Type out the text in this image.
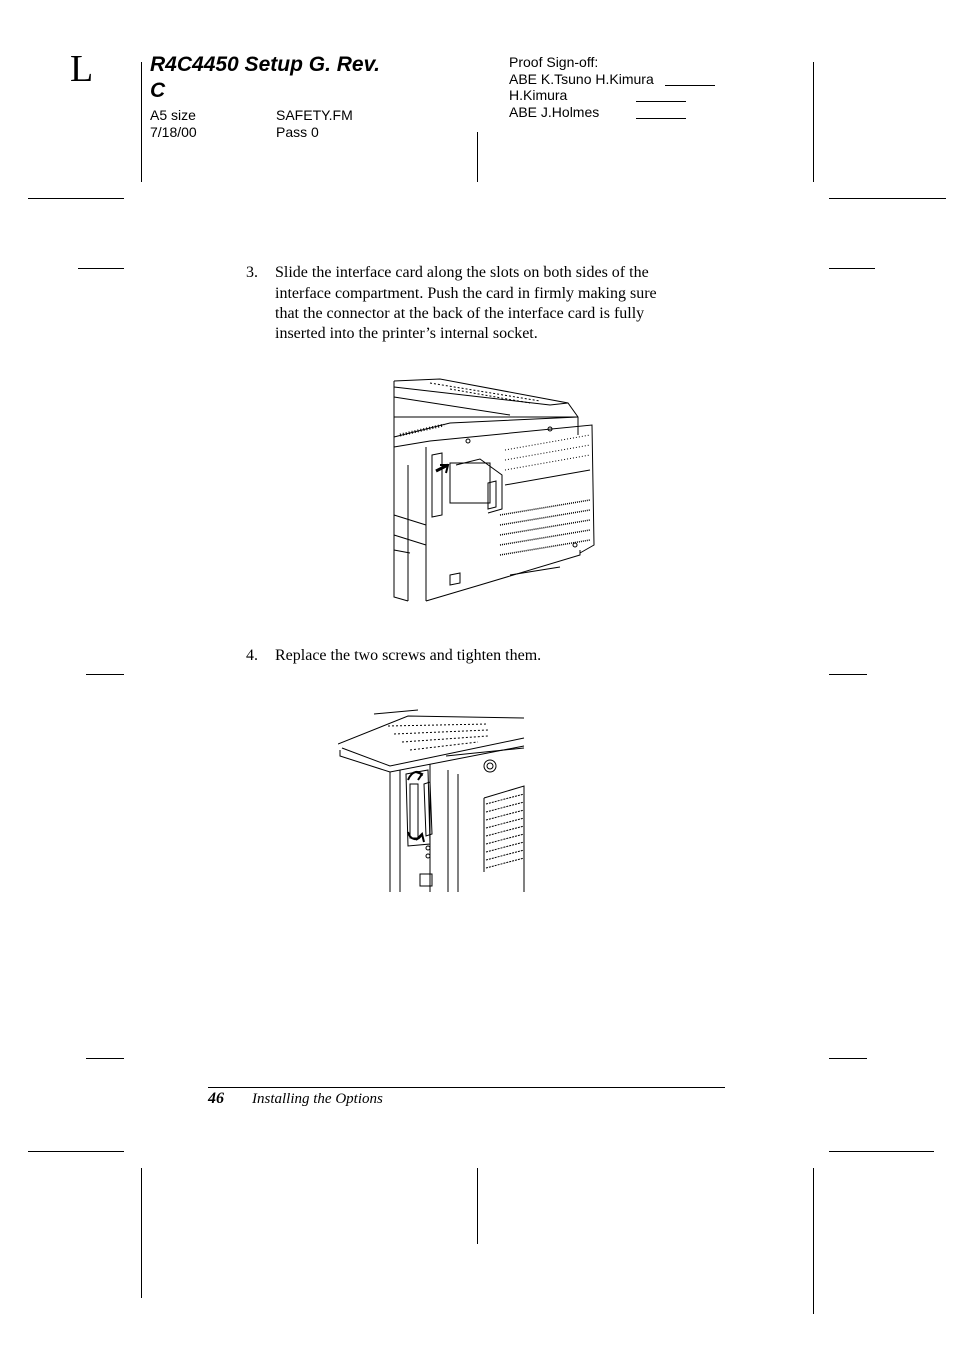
L	R4C4450 Setup G. Rev. C
A5 size
7/18/00
SAFETY.FM
Pass 0
Proof Sign-off:
ABE K.Tsuno H.Kimura
H.Kimura
ABE J.Holmes
3. Slide the interface card along the slots on both sides of the
interface compartment. Push the card in firmly making sure
that the connector at the back of the interface card is fully
inserted into the printer’s internal socket.
4. Replace the two screws and tighten them.
46 Installing the Options
